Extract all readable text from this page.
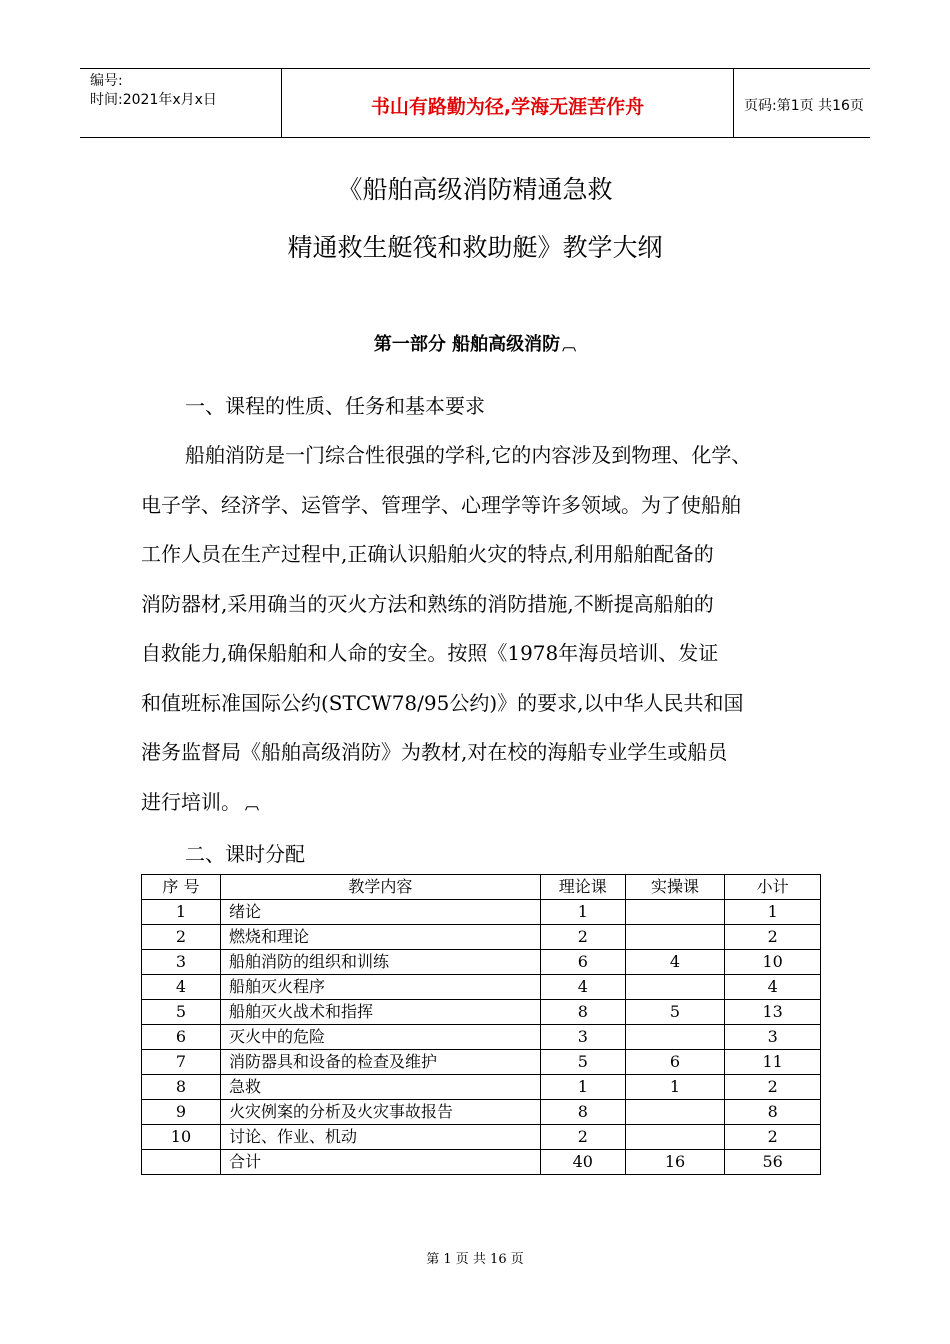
编号:
时间:2021年x月x日	书山有路勤为径,学海无涯苦作舟	页码:第1页 共16页
《船舶高级消防精通急救
精通救生艇筏和救助艇》教学大纲
第一部分 船舶高级消防 ︹
一、课程的性质、任务和基本要求
船舶消防是一门综合性很强的学科,它的内容涉及到物理、化学、
电子学、经济学、运管学、管理学、心理学等许多领域。为了使船舶
工作人员在生产过程中,正确认识船舶火灾的特点,利用船舶配备的
消防器材,采用确当的灭火方法和熟练的消防措施,不断提高船舶的
自救能力,确保船舶和人命的安全。按照《1978年海员培训、发证
和值班标准国际公约(STCW78/95公约)》的要求,以中华人民共和国
港务监督局《船舶高级消防》为教材,对在校的海船专业学生或船员
进行培训。 ︹
二、课时分配
序 号	教学内容	理论课	实操课	小计
1	绪论	1		1
2	燃烧和理论	2		2
3	船舶消防的组织和训练	6	4	10
4	船舶灭火程序	4		4
5	船舶灭火战术和指挥	8	5	13
6	灭火中的危险	3		3
7	消防器具和设备的检查及维护	5	6	11
8	急救	1	1	2
9	火灾例案的分析及火灾事故报告	8		8
10	讨论、作业、机动	2		2
	合计	40	16	56
第 1 页 共 16 页
